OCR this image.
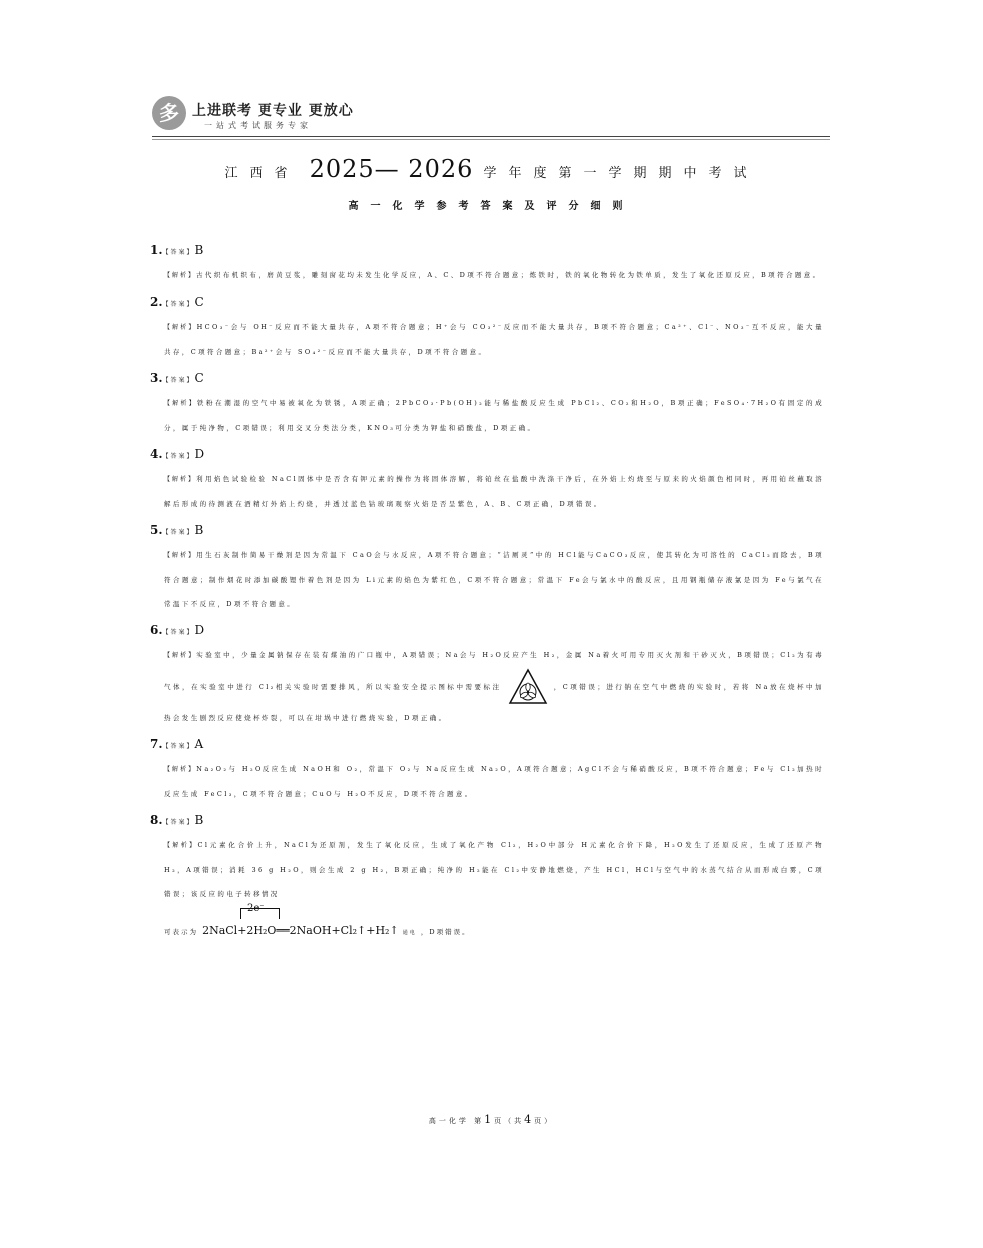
多 上进联考 更专业 更放心
一站式考试服务专家
江西省 2025— 2026 学年度第一学期期中考试
高一化学参考答案及评分细则
1.【答案】B
【解析】古代织布机织布，磨黄豆浆，雕刻窗花均未发生化学反应，A、C、D项不符合题意；炼铁时，铁的氧化物转化为铁单质，发生了氧化还原反应，B项符合题意。
2.【答案】C
【解析】HCO₃⁻会与 OH⁻反应而不能大量共存，A项不符合题意；H⁺会与 CO₃²⁻反应而不能大量共存，B项不符合题意；Ca²⁺、Cl⁻、NO₃⁻互不反应，能大量共存，C项符合题意；Ba²⁺会与 SO₄²⁻反应而不能大量共存，D项不符合题意。
3.【答案】C
【解析】铁粉在潮湿的空气中易被氧化为铁锈，A项正确；2PbCO₃·Pb(OH)₂能与稀盐酸反应生成 PbCl₂、CO₂和H₂O，B项正确；FeSO₄·7H₂O有固定的成分，属于纯净物，C项错误；利用交叉分类法分类，KNO₃可分类为钾盐和硝酸盐，D项正确。
4.【答案】D
【解析】利用焰色试验检验 NaCl固体中是否含有钾元素的操作为将固体溶解，将铂丝在盐酸中洗涤干净后，在外焰上灼烧至与原来的火焰颜色相同时，再用铂丝蘸取溶解后形成的待测液在酒精灯外焰上灼烧，并透过蓝色钴玻璃观察火焰是否呈紫色，A、B、C项正确，D项错误。
5.【答案】B
【解析】用生石灰制作简易干燥剂是因为常温下 CaO会与水反应，A项不符合题意；“洁厕灵”中的 HCl能与CaCO₃反应，使其转化为可溶性的 CaCl₂而除去，B项符合题意；制作烟花时添加碳酸锂作着色剂是因为 Li元素的焰色为紫红色，C项不符合题意；常温下 Fe会与氯水中的酸反应，且用钢瓶储存液氯是因为 Fe与氯气在常温下不反应，D项不符合题意。
6.【答案】D
【解析】实验室中，少量金属钠保存在装有煤油的广口瓶中，A项错误；Na会与 H₂O反应产生 H₂，金属 Na着火可用专用灭火剂和干砂灭火，B项错误；Cl₂为有毒气体，在实验室中进行 Cl₂相关实验时需要排风，所以实验安全提示图标中需要标注	，C项错误；进行钠在空气中燃烧的实验时，若将 Na放在烧杯中加热会发生剧烈反应使烧杯炸裂，可以在坩埚中进行燃烧实验，D项正确。
7.【答案】A
【解析】Na₂O₂与 H₂O反应生成 NaOH和 O₂，常温下 O₂与 Na反应生成 Na₂O，A项符合题意；AgCl不会与稀硝酸反应，B项不符合题意；Fe与 Cl₂加热时反应生成 FeCl₃，C项不符合题意；CuO与 H₂O不反应，D项不符合题意。
8.【答案】B
【解析】Cl元素化合价上升，NaCl为还原剂，发生了氧化反应，生成了氧化产物 Cl₂，H₂O中部分 H元素化合价下降，H₂O发生了还原反应，生成了还原产物 H₂，A项错误；消耗 36 g H₂O，则会生成 2 g H₂，B项正确；纯净的 H₂能在 Cl₂中安静地燃烧，产生 HCl，HCl与空气中的水蒸气结合从而形成白雾，C项错误；该反应的电子转移情况
2e⁻
可表示为 2NaCl+2H₂O══2NaOH+Cl₂↑+H₂↑ 通电 ，D项错误。
高一化学 第1页（共4页）
